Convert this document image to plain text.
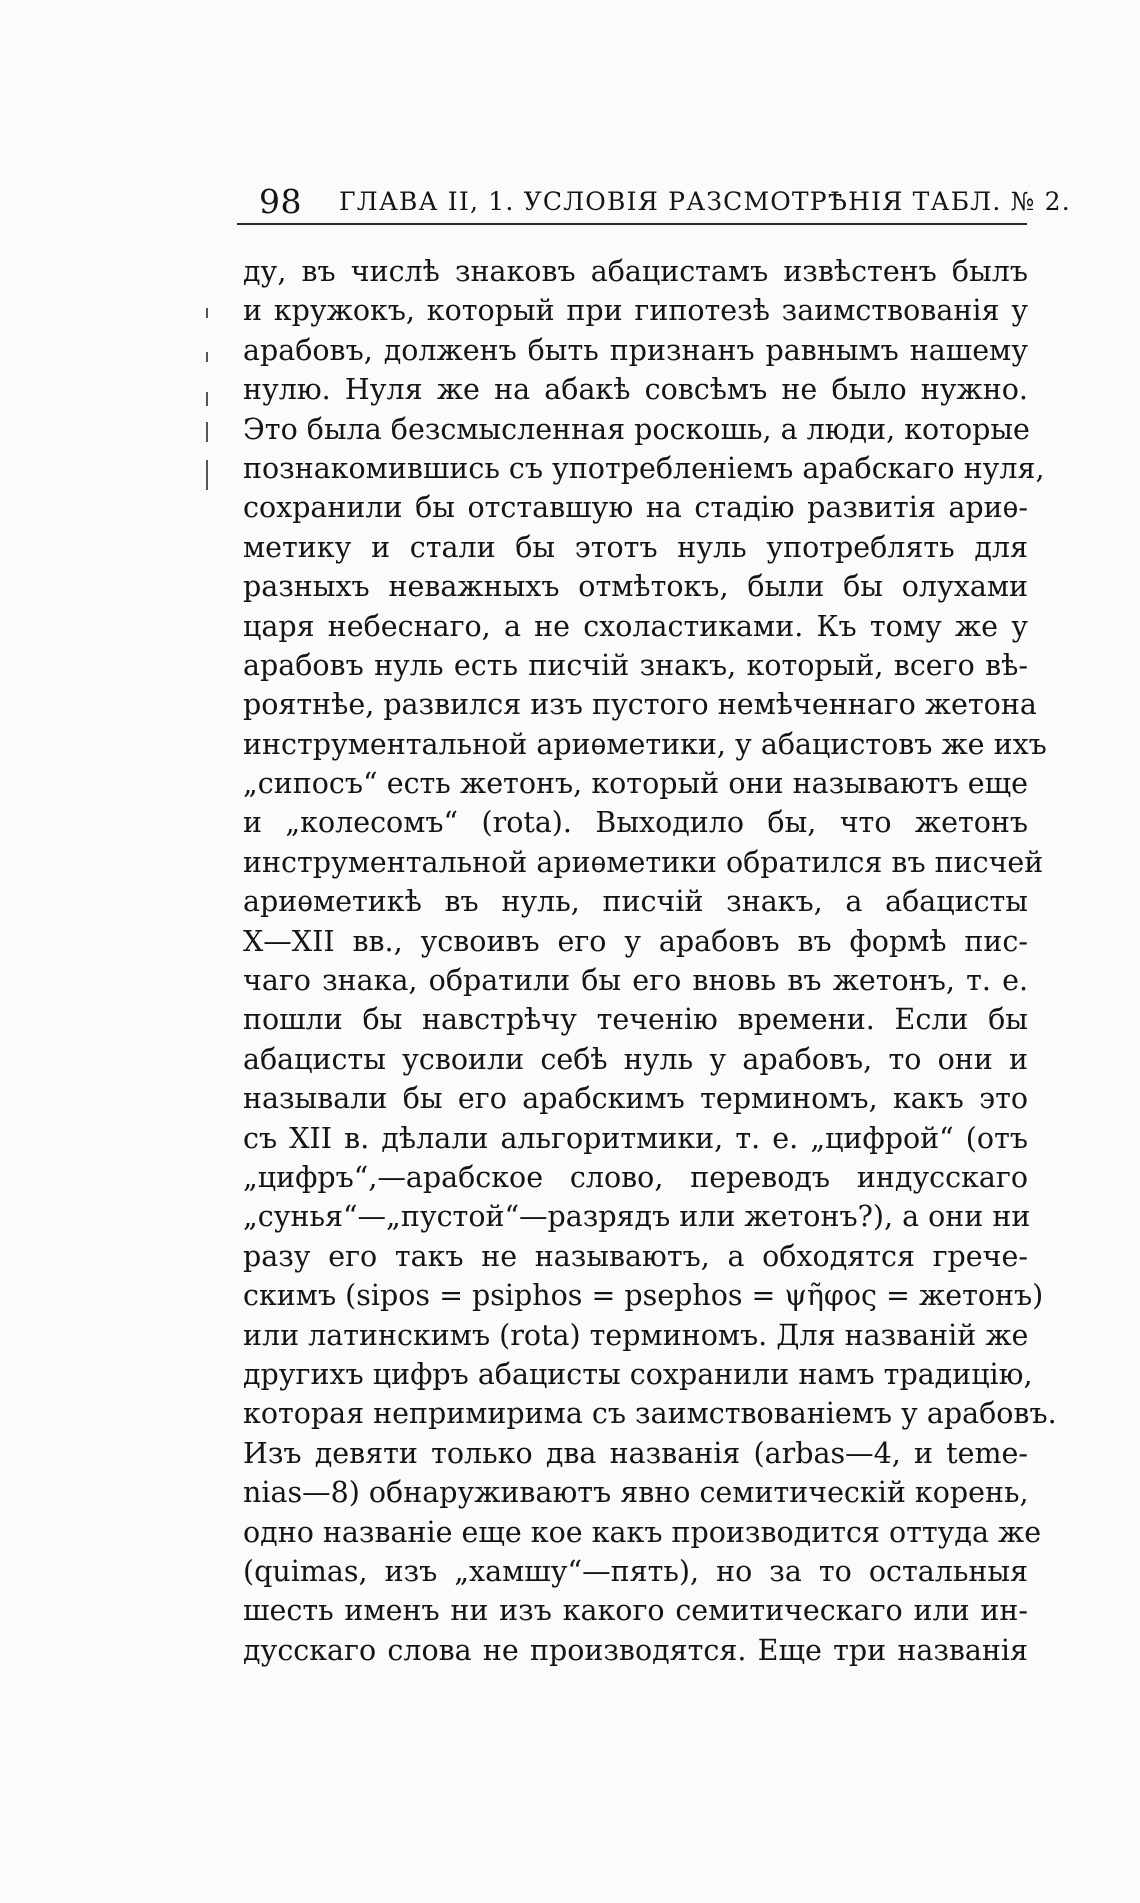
98 ГЛАВА II, 1. УСЛОВІЯ РАЗСМОТРѢНІЯ ТАБЛ. № 2.
ду, въ числѣ знаковъ абацистамъ извѣстенъ былъ
и кружокъ, который при гипотезѣ заимствованія у
арабовъ, долженъ быть признанъ равнымъ нашему
нулю. Нуля же на абакѣ совсѣмъ не было нужно.
Это была безсмысленная роскошь, а люди, которые
познакомившись съ употребленіемъ арабскаго нуля,
сохранили бы отставшую на стадію развитія ариѳ-
метику и стали бы этотъ нуль употреблять для
разныхъ неважныхъ отмѣтокъ, были бы олухами
царя небеснаго, а не схоластиками. Къ тому же у
арабовъ нуль есть писчій знакъ, который, всего вѣ-
роятнѣе, развился изъ пустого немѣченнаго жетона
инструментальной ариѳметики, у абацистовъ же ихъ
„сипосъ“ есть жетонъ, который они называютъ еще
и „колесомъ“ (rota). Выходило бы, что жетонъ
инструментальной ариѳметики обратился въ писчей
ариѳметикѣ въ нуль, писчій знакъ, а абацисты
X—XII вв., усвоивъ его у арабовъ въ формѣ пис-
чаго знака, обратили бы его вновь въ жетонъ, т. е.
пошли бы навстрѣчу теченію времени. Если бы
абацисты усвоили себѣ нуль у арабовъ, то они и
называли бы его арабскимъ терминомъ, какъ это
съ XII в. дѣлали альгоритмики, т. е. „цифрой“ (отъ
„цифръ“,—арабское слово, переводъ индусскаго
„сунья“—„пустой“—разрядъ или жетонъ?), а они ни
разу его такъ не называютъ, а обходятся грече-
скимъ (sipos = psiphos = psephos = ψῆφος = жетонъ)
или латинскимъ (rota) терминомъ. Для названій же
другихъ цифръ абацисты сохранили намъ традицію,
которая непримирима съ заимствованіемъ у арабовъ.
Изъ девяти только два названія (arbas—4, и teme-
nias—8) обнаруживаютъ явно семитическій корень,
одно названіе еще кое какъ производится оттуда же
(quimas, изъ „хамшу“—пять), но за то остальныя
шесть именъ ни изъ какого семитическаго или ин-
дусскаго слова не производятся. Еще три названія
